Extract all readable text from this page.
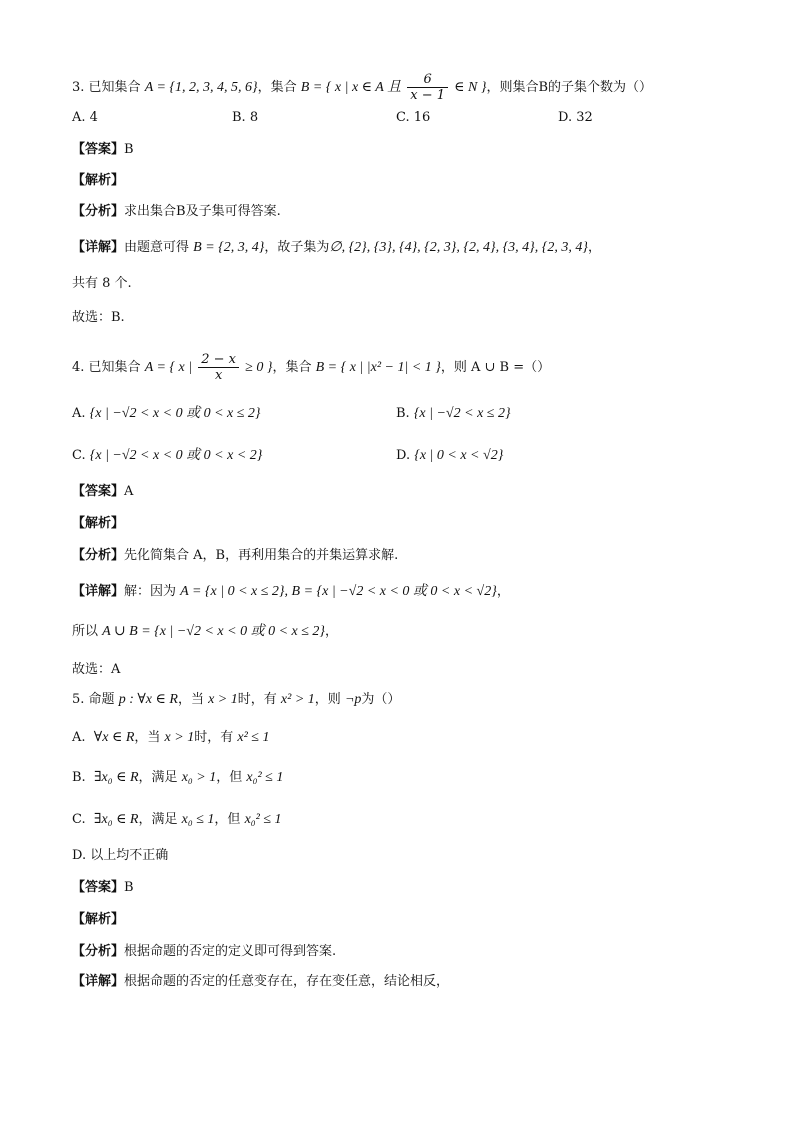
3. 已知集合 A = {1, 2, 3, 4, 5, 6}，集合 B = { x | x ∈ A 且 $\frac{6}{x - 1}$ ∈ N }，则集合B的子集个数为（）
A. 4	B. 8	C. 16	D. 32
【答案】B
【解析】
【分析】求出集合B及子集可得答案.
【详解】由题意可得 B = {2, 3, 4}，故子集为∅, {2}, {3}, {4}, {2, 3}, {2, 4}, {3, 4}, {2, 3, 4}，
共有 8 个.
故选：B.
4. 已知集合 A = { x | $\frac{2 - x}{x} \ge 0$ }，集合 B = { x | |x² − 1| < 1 }，则 A ∪ B =（）
A. {x | −√2 < x < 0 或 0 < x ≤ 2}	B. {x | −√2 < x ≤ 2}
C. {x | −√2 < x < 0 或 0 < x < 2}	D. {x | 0 < x < √2}
【答案】A
【解析】
【分析】先化简集合 A，B，再利用集合的并集运算求解.
【详解】解：因为 A = {x | 0 < x ≤ 2}, B = {x | −√2 < x < 0 或 0 < x < √2}，
所以 A ∪ B = {x | −√2 < x < 0 或 0 < x ≤ 2}，
故选：A
5. 命题 p : ∀x ∈ R，当 x > 1时，有 x² > 1，则 ¬p为（）
A. ∀x ∈ R，当 x > 1时，有 x² ≤ 1
B. ∃x₀ ∈ R，满足 x₀ > 1，但 x₀² ≤ 1
C. ∃x₀ ∈ R，满足 x₀ ≤ 1，但 x₀² ≤ 1
D. 以上均不正确
【答案】B
【解析】
【分析】根据命题的否定的定义即可得到答案.
【详解】根据命题的否定的任意变存在，存在变任意，结论相反，
